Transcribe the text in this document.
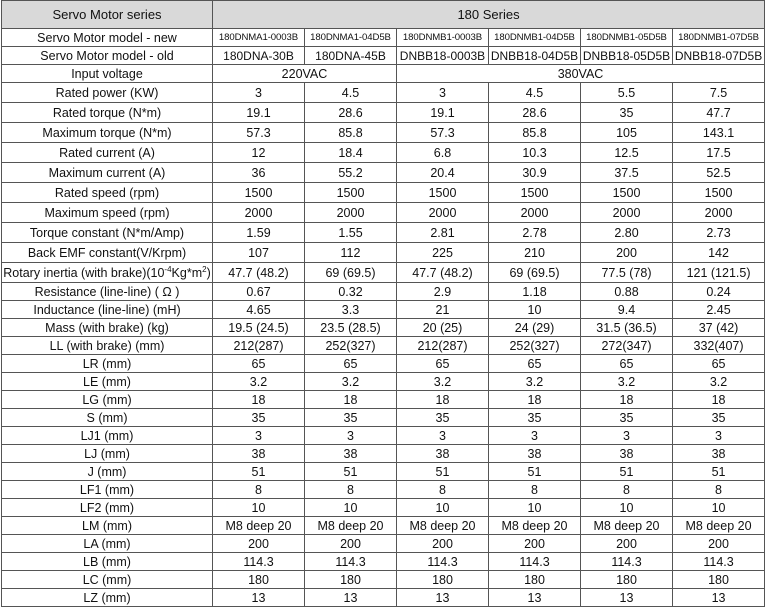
Servo Motor series	180 Series					
Servo Motor model - new	180DNMA1-0003B	180DNMA1-04D5B	180DNMB1-0003B	180DNMB1-04D5B	180DNMB1-05D5B	180DNMB1-07D5B
Servo Motor model - old	180DNA-30B	180DNA-45B	DNBB18-0003B	DNBB18-04D5B	DNBB18-05D5B	DNBB18-07D5B
Input voltage	220VAC		380VAC			
Rated power (KW)	3	4.5	3	4.5	5.5	7.5
Rated torque (N*m)	19.1	28.6	19.1	28.6	35	47.7
Maximum torque (N*m)	57.3	85.8	57.3	85.8	105	143.1
Rated current (A)	12	18.4	6.8	10.3	12.5	17.5
Maximum current (A)	36	55.2	20.4	30.9	37.5	52.5
Rated speed (rpm)	1500	1500	1500	1500	1500	1500
Maximum speed (rpm)	2000	2000	2000	2000	2000	2000
Torque constant (N*m/Amp)	1.59	1.55	2.81	2.78	2.80	2.73
Back EMF constant(V/Krpm)	107	112	225	210	200	142
Rotary inertia (with $brake)(10^{-4}Kg*m^2)$	47.7 (48.2)	69 (69.5)	47.7 (48.2)	69 (69.5)	77.5 (78)	121 (121.5)
Resistance (line-line) ( Ω )	0.67	0.32	2.9	1.18	0.88	0.24
Inductance (line-line) (mH)	4.65	3.3	21	10	9.4	2.45
Mass (with brake) (kg)	19.5 (24.5)	23.5 (28.5)	20 (25)	24 (29)	31.5 (36.5)	37 (42)
LL (with brake) (mm)	212(287)	252(327)	212(287)	252(327)	272(347)	332(407)
LR (mm)	65	65	65	65	65	65
LE (mm)	3.2	3.2	3.2	3.2	3.2	3.2
LG (mm)	18	18	18	18	18	18
S (mm)	35	35	35	35	35	35
LJ1 (mm)	3	3	3	3	3	3
LJ (mm)	38	38	38	38	38	38
J (mm)	51	51	51	51	51	51
LF1 (mm)	8	8	8	8	8	8
LF2 (mm)	10	10	10	10	10	10
LM (mm)	M8 deep 20	M8 deep 20	M8 deep 20	M8 deep 20	M8 deep 20	M8 deep 20
LA (mm)	200	200	200	200	200	200
LB (mm)	114.3	114.3	114.3	114.3	114.3	114.3
LC (mm)	180	180	180	180	180	180
LZ (mm)	13	13	13	13	13	13
